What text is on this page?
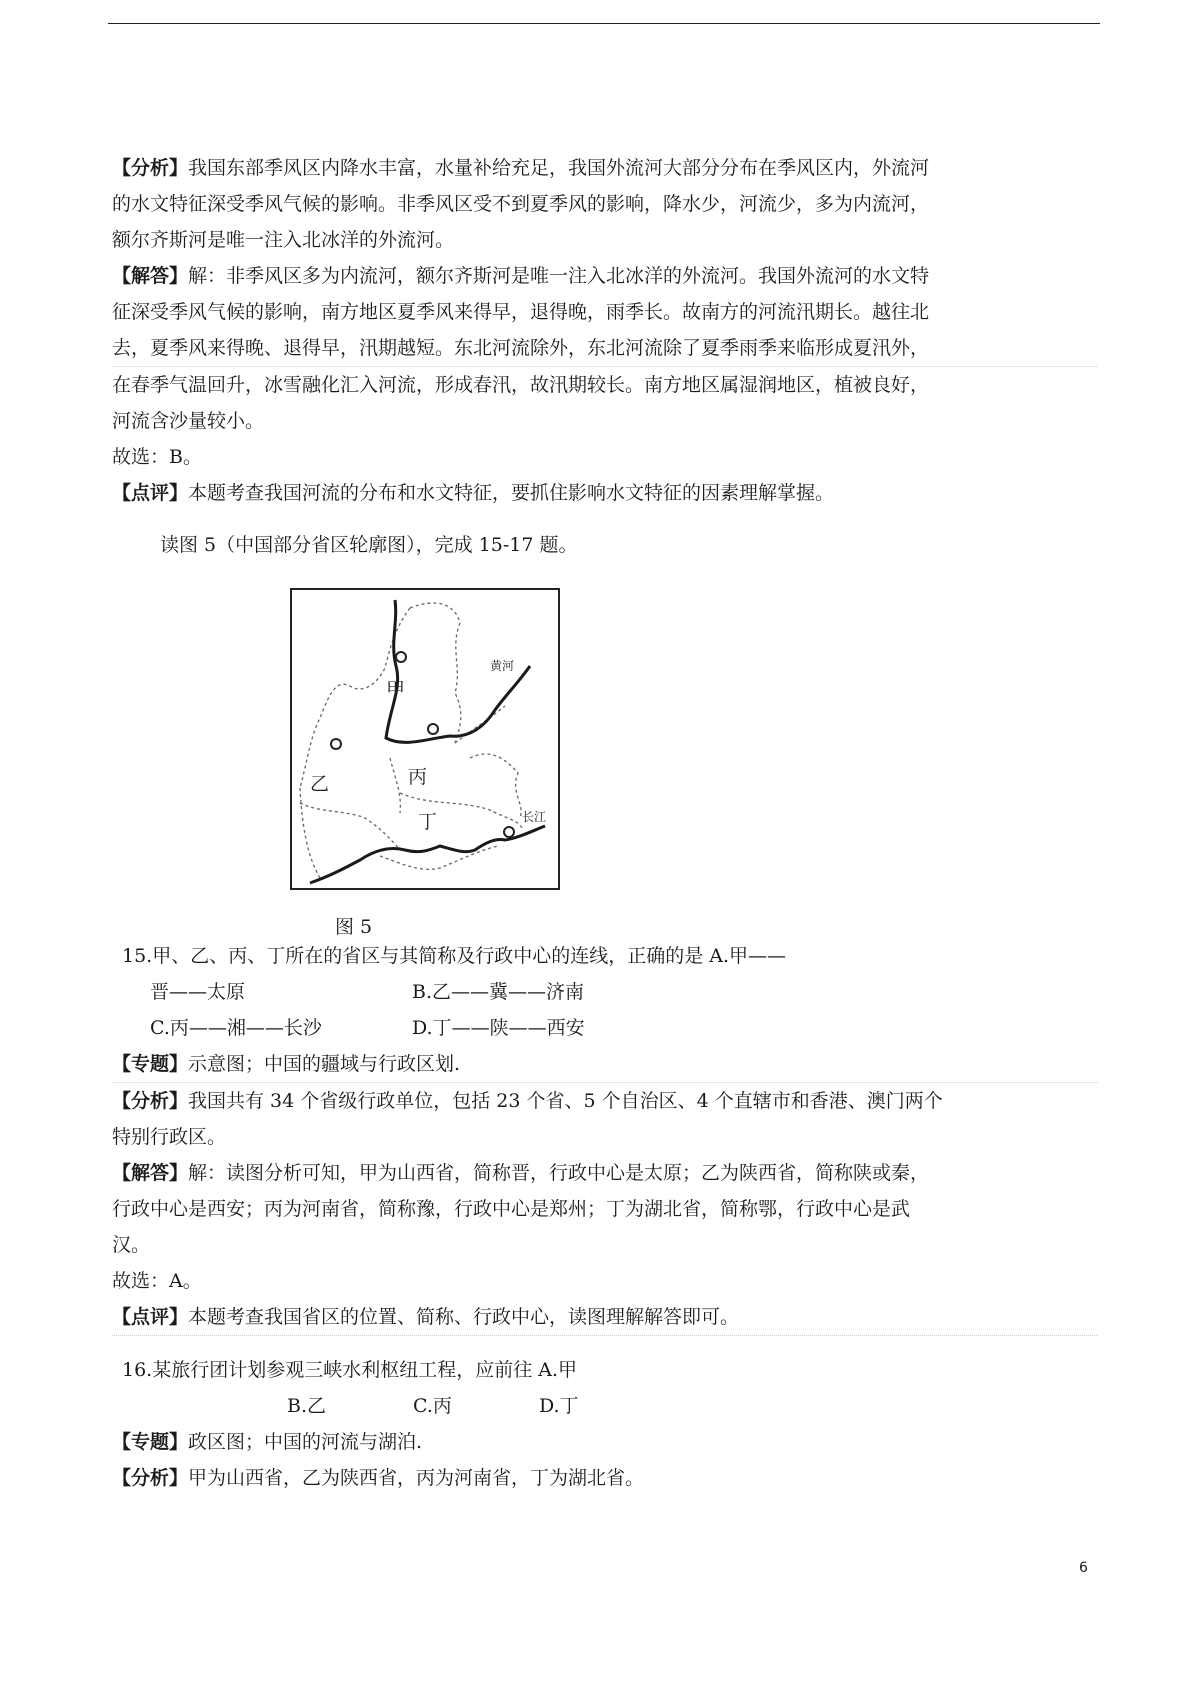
【分析】我国东部季风区内降水丰富，水量补给充足，我国外流河大部分分布在季风区内，外流河

的水文特征深受季风气候的影响。非季风区受不到夏季风的影响，降水少，河流少，多为内流河，

额尔齐斯河是唯一注入北冰洋的外流河。

【解答】解：非季风区多为内流河，额尔齐斯河是唯一注入北冰洋的外流河。我国外流河的水文特

征深受季风气候的影响，南方地区夏季风来得早，退得晚，雨季长。故南方的河流汛期长。越往北

去，夏季风来得晚、退得早，汛期越短。东北河流除外，东北河流除了夏季雨季来临形成夏汛外，

在春季气温回升，冰雪融化汇入河流，形成春汛，故汛期较长。南方地区属湿润地区，植被良好，

河流含沙量较小。

故选：B。

【点评】本题考查我国河流的分布和水文特征，要抓住影响水文特征的因素理解掌握。

读图 5（中国部分省区轮廓图），完成 15-17 题。

甲
乙	丙
丁
黄河
长江
图 5

15.甲、乙、丙、丁所在的省区与其简称及行政中心的连线，正确的是 A.甲——

晋——太原	B.乙——冀——济南

C.丙——湘——长沙	D.丁——陕——西安

【专题】示意图；中国的疆域与行政区划.

【分析】我国共有 34 个省级行政单位，包括 23 个省、5 个自治区、4 个直辖市和香港、澳门两个

特别行政区。

【解答】解：读图分析可知，甲为山西省，简称晋，行政中心是太原；乙为陕西省，简称陕或秦，

行政中心是西安；丙为河南省，简称豫，行政中心是郑州；丁为湖北省，简称鄂，行政中心是武

汉。

故选：A。

【点评】本题考查我国省区的位置、简称、行政中心，读图理解解答即可。

16.某旅行团计划参观三峡水利枢纽工程，应前往 A.甲

B.乙	C.丙	D.丁

【专题】政区图；中国的河流与湖泊.

【分析】甲为山西省，乙为陕西省，丙为河南省，丁为湖北省。

6
